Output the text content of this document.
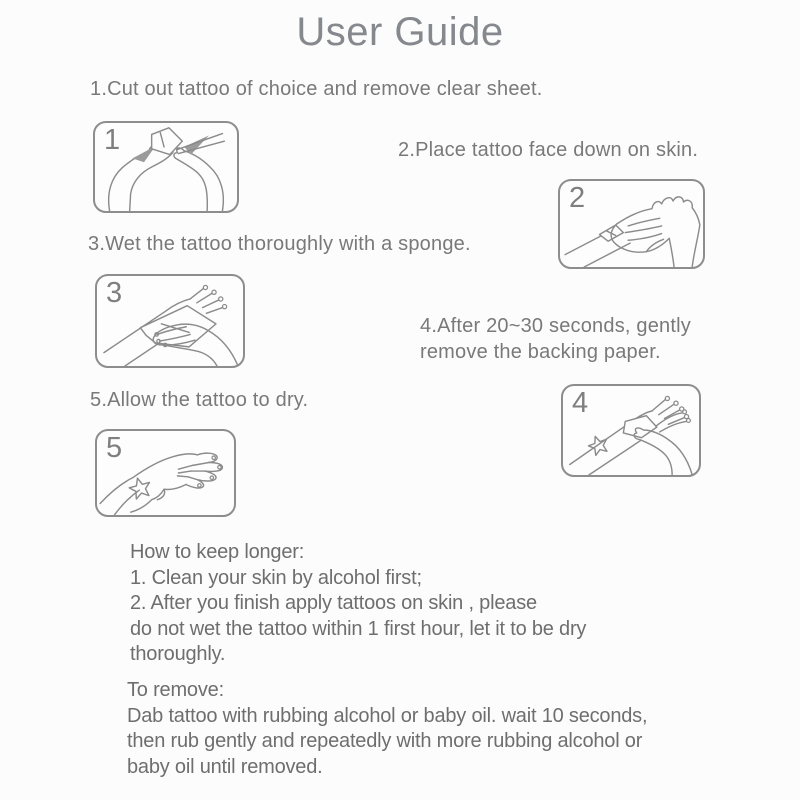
User Guide
1.Cut out tattoo of choice and remove clear sheet.
1	2.Place tattoo face down on skin.
2
3.Wet the tattoo thoroughly with a sponge.
3
4.After 20~30 seconds, gently
remove the backing paper.
4
5.Allow the tattoo to dry.
5
How to keep longer:
1. Clean your skin by alcohol first;
2. After you finish apply tattoos on skin , please
do not wet the tattoo within 1 first hour, let it to be dry
thoroughly.
To remove:
Dab tattoo with rubbing alcohol or baby oil. wait 10 seconds,
then rub gently and repeatedly with more rubbing alcohol or
baby oil until removed.
